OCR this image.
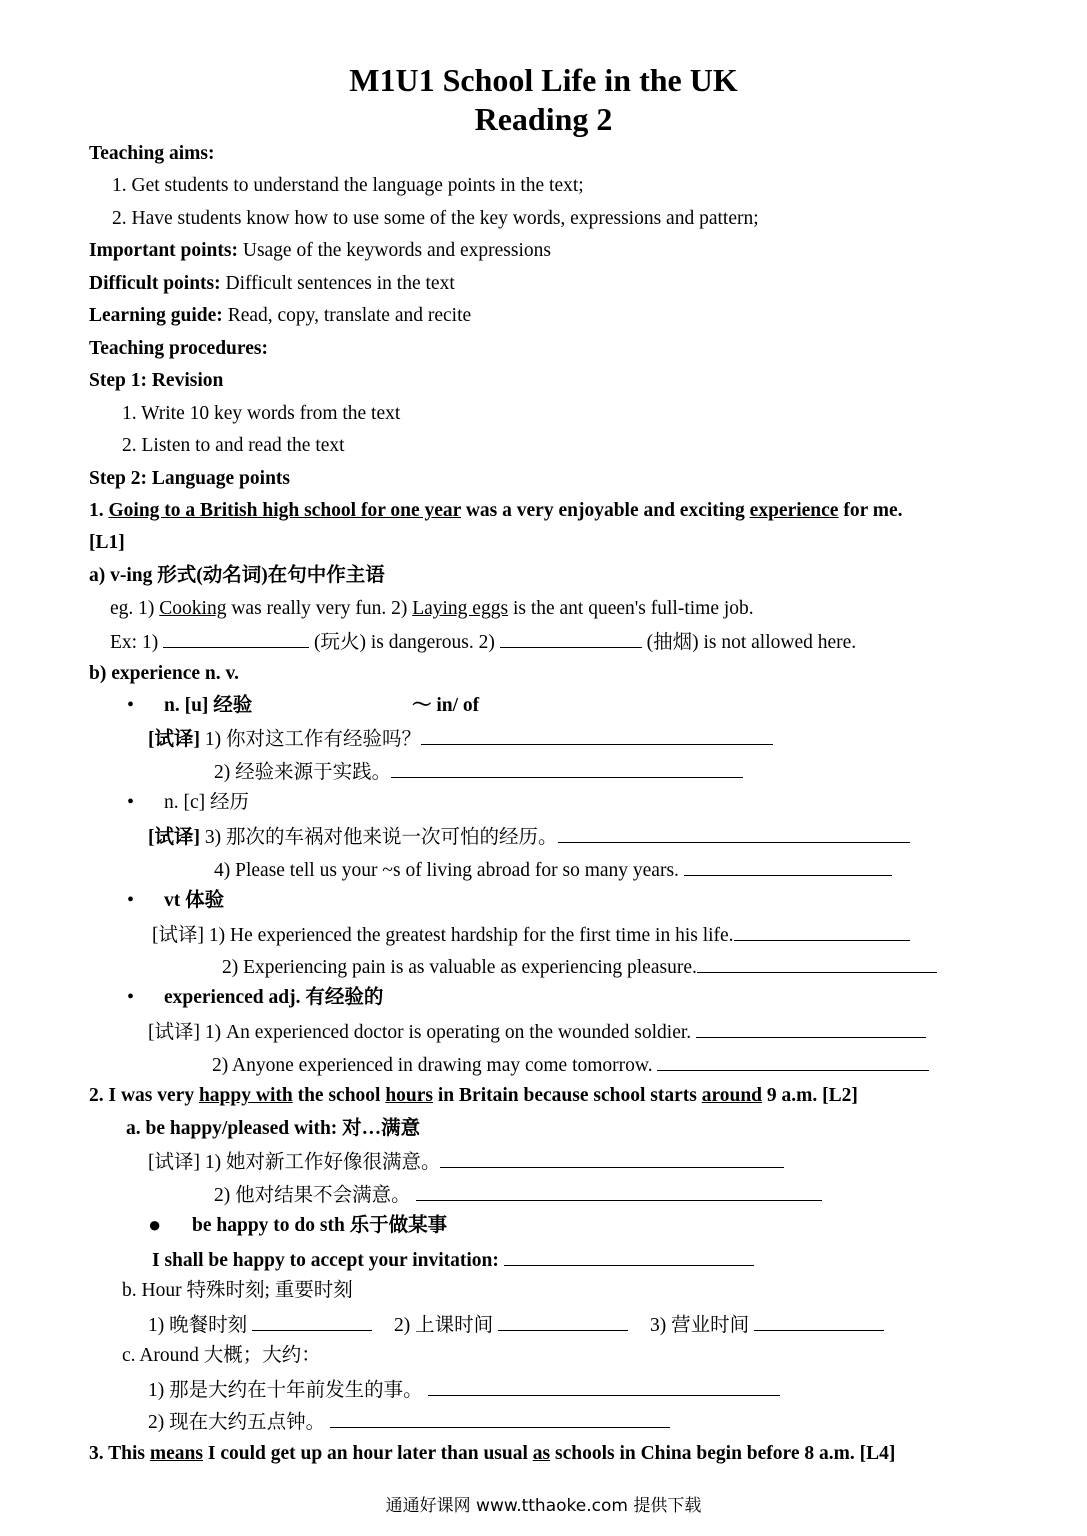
M1U1 School Life in the UK
Reading 2
Teaching aims:
1. Get students to understand the language points in the text;
2. Have students know how to use some of the key words, expressions and pattern;
Important points: Usage of the keywords and expressions
Difficult points: Difficult sentences in the text
Learning guide: Read, copy, translate and recite
Teaching procedures:
Step 1: Revision
1. Write 10 key words from the text
2. Listen to and read the text
Step 2: Language points
1. Going to a British high school for one year was a very enjoyable and exciting experience for me.
[L1]
a) v-ing 形式(动名词)在句中作主语
eg. 1) Cooking was really very fun. 2) Laying eggs is the ant queen's full-time job.
Ex: 1)	(玩火) is dangerous. 2)	(抽烟) is not allowed here.
b) experience n. v.
• n. [u] 经验	～ in/ of
[试译] 1) 你对这工作有经验吗？
2) 经验来源于实践。
• n. [c] 经历
[试译] 3) 那次的车祸对他来说一次可怕的经历。
4) Please tell us your ~s of living abroad for so many years.
• vt 体验
[试译] 1) He experienced the greatest hardship for the first time in his life.
2) Experiencing pain is as valuable as experiencing pleasure.
• experienced adj. 有经验的
[试译] 1) An experienced doctor is operating on the wounded soldier.
2) Anyone experienced in drawing may come tomorrow.
2. I was very happy with the school hours in Britain because school starts around 9 a.m. [L2]
a. be happy/pleased with: 对…满意
[试译] 1) 她对新工作好像很满意。
2) 他对结果不会满意。
● be happy to do sth 乐于做某事
I shall be happy to accept your invitation:
b. Hour 特殊时刻; 重要时刻
1) 晚餐时刻	2) 上课时间	3) 营业时间
c. Around 大概；大约：
1) 那是大约在十年前发生的事。
2) 现在大约五点钟。
3. This means I could get up an hour later than usual as schools in China begin before 8 a.m. [L4]
通通好课网 www.tthaoke.com 提供下载
